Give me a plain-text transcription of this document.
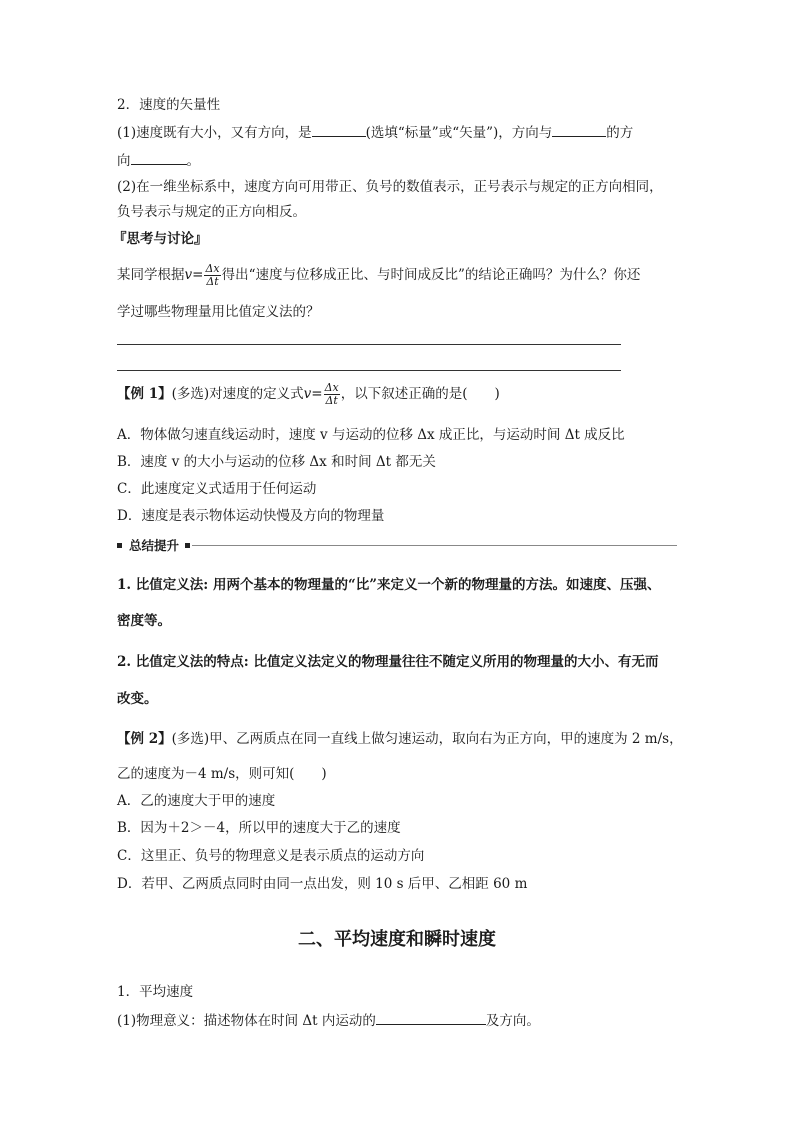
2．速度的矢量性
(1)速度既有大小，又有方向，是	(选填“标量”或“矢量”)，方向与	的方
向	。
(2)在一维坐标系中，速度方向可用带正、负号的数值表示，正号表示与规定的正方向相同，
负号表示与规定的正方向相反。
『思考与讨论』
某同学根据$v= \frac{\Delta x}{\Delta t}$ 得出“速度与位移成正比、与时间成反比”的结论正确吗？为什么？你还
学过哪些物理量用比值定义法的？
【例 1】(多选)对速度的定义式$v= \frac{\Delta x}{\Delta t}$ ，以下叙述正确的是(　　)
A．物体做匀速直线运动时，速度 v 与运动的位移 Δx 成正比，与运动时间 Δt 成反比
B．速度 v 的大小与运动的位移 Δx 和时间 Δt 都无关
C．此速度定义式适用于任何运动
D．速度是表示物体运动快慢及方向的物理量
总结提升
1. 比值定义法: 用两个基本的物理量的“比”来定义一个新的物理量的方法。如速度、压强、
密度等。
2. 比值定义法的特点: 比值定义法定义的物理量往往不随定义所用的物理量的大小、有无而
改变。
【例 2】(多选)甲、乙两质点在同一直线上做匀速运动，取向右为正方向，甲的速度为 2 m/s，
乙的速度为－4 m/s，则可知(　　)
A．乙的速度大于甲的速度
B．因为＋2＞－4，所以甲的速度大于乙的速度
C．这里正、负号的物理意义是表示质点的运动方向
D．若甲、乙两质点同时由同一点出发，则 10 s 后甲、乙相距 60 m
二、平均速度和瞬时速度
1．平均速度
(1)物理意义：描述物体在时间 Δt 内运动的	及方向。
